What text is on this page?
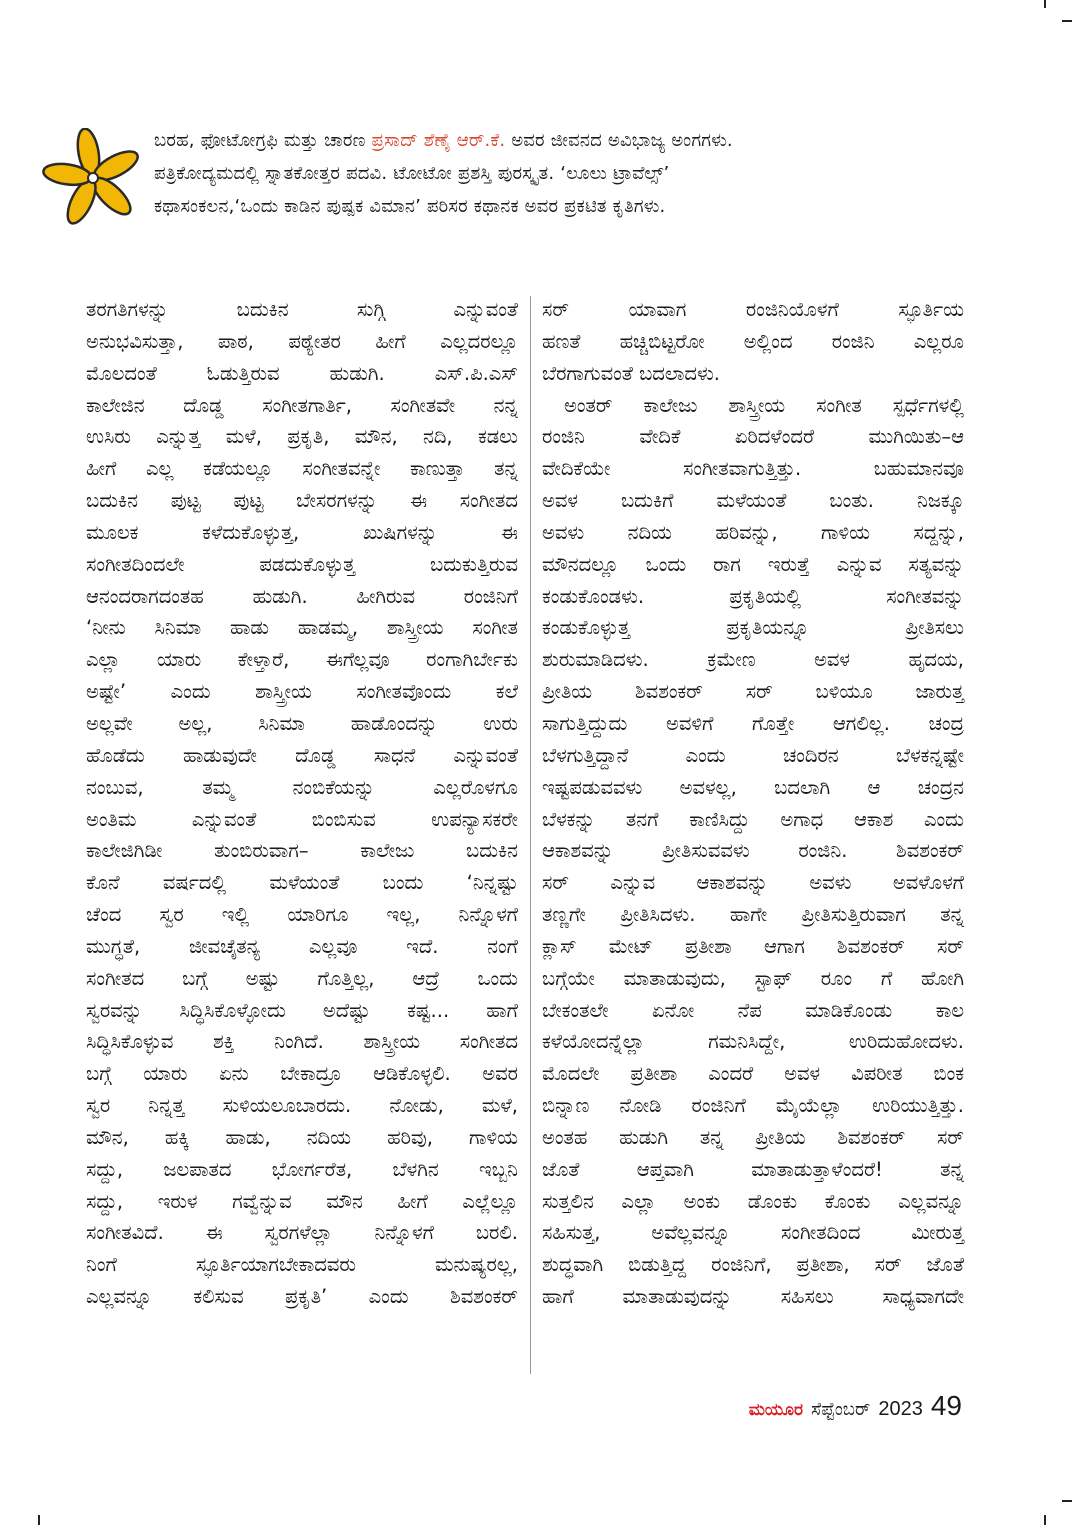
ಬರಹ, ಫೋಟೋಗ್ರಫಿ ಮತ್ತು ಚಾರಣ ಪ್ರಸಾದ್ ಶೆಣೈ ಆರ್.ಕೆ. ಅವರ ಜೀವನದ ಅವಿಭಾಜ್ಯ ಅಂಗಗಳು.
ಪತ್ರಿಕೋದ್ಯಮದಲ್ಲಿ ಸ್ನಾತಕೋತ್ತರ ಪದವಿ. ಟೋಟೋ ಪ್ರಶಸ್ತಿ ಪುರಸ್ಕೃತ. ‘ಲೂಲು ಟ್ರಾವೆಲ್ಸ್’
ಕಥಾಸಂಕಲನ,‘ಒಂದು ಕಾಡಿನ ಪುಷ್ಪಕ ವಿಮಾನ’ ಪರಿಸರ ಕಥಾನಕ ಅವರ ಪ್ರಕಟಿತ ಕೃತಿಗಳು.
ತರಗತಿಗಳನ್ನು ಬದುಕಿನ ಸುಗ್ಗಿ ಎನ್ನುವಂತೆ
ಅನುಭವಿಸುತ್ತಾ, ಪಾಠ, ಪಠ್ಯೇತರ ಹೀಗೆ ಎಲ್ಲದರಲ್ಲೂ
ಮೊಲದಂತೆ ಓಡುತ್ತಿರುವ ಹುಡುಗಿ. ಎಸ್.ಪಿ.ಎಸ್
ಕಾಲೇಜಿನ ದೊಡ್ಡ ಸಂಗೀತಗಾರ್ತಿ, ಸಂಗೀತವೇ ನನ್ನ
ಉಸಿರು ಎನ್ನುತ್ತ ಮಳೆ, ಪ್ರಕೃತಿ, ಮೌನ, ನದಿ, ಕಡಲು
ಹೀಗೆ ಎಲ್ಲ ಕಡೆಯಲ್ಲೂ ಸಂಗೀತವನ್ನೇ ಕಾಣುತ್ತಾ ತನ್ನ
ಬದುಕಿನ ಪುಟ್ಟ ಪುಟ್ಟ ಬೇಸರಗಳನ್ನು ಈ ಸಂಗೀತದ
ಮೂಲಕ ಕಳೆದುಕೊಳ್ಳುತ್ತ, ಖುಷಿಗಳನ್ನು ಈ
ಸಂಗೀತದಿಂದಲೇ ಪಡದುಕೊಳ್ಳುತ್ತ ಬದುಕುತ್ತಿರುವ
ಆನಂದರಾಗದಂತಹ ಹುಡುಗಿ. ಹೀಗಿರುವ ರಂಜಿನಿಗೆ
‘ನೀನು ಸಿನಿಮಾ ಹಾಡು ಹಾಡಮ್ಮ, ಶಾಸ್ತ್ರೀಯ ಸಂಗೀತ
ಎಲ್ಲಾ ಯಾರು ಕೇಳ್ತಾರೆ, ಈಗೆಲ್ಲವೂ ರಂಗಾಗಿರ್ಬೇಕು
ಅಷ್ಟೇ’ ಎಂದು ಶಾಸ್ತ್ರೀಯ ಸಂಗೀತವೊಂದು ಕಲೆ
ಅಲ್ಲವೇ ಅಲ್ಲ, ಸಿನಿಮಾ ಹಾಡೊಂದನ್ನು ಉರು
ಹೊಡೆದು ಹಾಡುವುದೇ ದೊಡ್ಡ ಸಾಧನೆ ಎನ್ನುವಂತೆ
ನಂಬುವ, ತಮ್ಮ ನಂಬಿಕೆಯನ್ನು ಎಲ್ಲರೊಳಗೂ
ಅಂತಿಮ ಎನ್ನುವಂತೆ ಬಿಂಬಿಸುವ ಉಪನ್ಯಾಸಕರೇ
ಕಾಲೇಜಿಗಿಡೀ ತುಂಬಿರುವಾಗ– ಕಾಲೇಜು ಬದುಕಿನ
ಕೊನೆ ವರ್ಷದಲ್ಲಿ ಮಳೆಯಂತೆ ಬಂದು ‘ನಿನ್ನಷ್ಟು
ಚೆಂದ ಸ್ವರ ಇಲ್ಲಿ ಯಾರಿಗೂ ಇಲ್ಲ, ನಿನ್ನೊಳಗೆ
ಮುಗ್ಧತೆ, ಜೀವಚೈತನ್ಯ ಎಲ್ಲವೂ ಇದೆ. ನಂಗೆ
ಸಂಗೀತದ ಬಗ್ಗೆ ಅಷ್ಟು ಗೊತ್ತಿಲ್ಲ, ಆದ್ರೆ ಒಂದು
ಸ್ವರವನ್ನು ಸಿದ್ಧಿಸಿಕೊಳ್ಳೋದು ಅದೆಷ್ಟು ಕಷ್ಟ... ಹಾಗೆ
ಸಿದ್ಧಿಸಿಕೊಳ್ಳುವ ಶಕ್ತಿ ನಿಂಗಿದೆ. ಶಾಸ್ತ್ರೀಯ ಸಂಗೀತದ
ಬಗ್ಗೆ ಯಾರು ಏನು ಬೇಕಾದ್ರೂ ಆಡಿಕೊಳ್ಳಲಿ. ಅವರ
ಸ್ವರ ನಿನ್ನತ್ತ ಸುಳಿಯಲೂಬಾರದು. ನೋಡು, ಮಳೆ,
ಮೌನ, ಹಕ್ಕಿ ಹಾಡು, ನದಿಯ ಹರಿವು, ಗಾಳಿಯ
ಸದ್ದು, ಜಲಪಾತದ ಭೋರ್ಗರೆತ, ಬೆಳಗಿನ ಇಬ್ಬನಿ
ಸದ್ದು, ಇರುಳ ಗವ್ವೆನ್ನುವ ಮೌನ ಹೀಗೆ ಎಲ್ಲೆಲ್ಲೂ
ಸಂಗೀತವಿದೆ. ಈ ಸ್ವರಗಳೆಲ್ಲಾ ನಿನ್ನೊಳಗೆ ಬರಲಿ.
ನಿಂಗೆ ಸ್ಫೂರ್ತಿಯಾಗಬೇಕಾದವರು ಮನುಷ್ಯರಲ್ಲ,
ಎಲ್ಲವನ್ನೂ ಕಲಿಸುವ ಪ್ರಕೃತಿ’ ಎಂದು ಶಿವಶಂಕರ್
ಸರ್ ಯಾವಾಗ ರಂಜಿನಿಯೊಳಗೆ ಸ್ಫೂರ್ತಿಯ
ಹಣತೆ ಹಚ್ಚಿಬಿಟ್ಟರೋ ಅಲ್ಲಿಂದ ರಂಜಿನಿ ಎಲ್ಲರೂ
ಬೆರಗಾಗುವಂತೆ ಬದಲಾದಳು.
ಅಂತರ್ ಕಾಲೇಜು ಶಾಸ್ತ್ರೀಯ ಸಂಗೀತ ಸ್ಪರ್ಧೆಗಳಲ್ಲಿ
ರಂಜಿನಿ ವೇದಿಕೆ ಏರಿದಳೆಂದರೆ ಮುಗಿಯಿತು–ಆ
ವೇದಿಕೆಯೇ ಸಂಗೀತವಾಗುತ್ತಿತ್ತು. ಬಹುಮಾನವೂ
ಅವಳ ಬದುಕಿಗೆ ಮಳೆಯಂತೆ ಬಂತು. ನಿಜಕ್ಕೂ
ಅವಳು ನದಿಯ ಹರಿವನ್ನು, ಗಾಳಿಯ ಸದ್ದನ್ನು,
ಮೌನದಲ್ಲೂ ಒಂದು ರಾಗ ಇರುತ್ತೆ ಎನ್ನುವ ಸತ್ಯವನ್ನು
ಕಂಡುಕೊಂಡಳು. ಪ್ರಕೃತಿಯಲ್ಲಿ ಸಂಗೀತವನ್ನು
ಕಂಡುಕೊಳ್ಳುತ್ತ ಪ್ರಕೃತಿಯನ್ನೂ ಪ್ರೀತಿಸಲು
ಶುರುಮಾಡಿದಳು. ಕ್ರಮೇಣ ಅವಳ ಹೃದಯ,
ಪ್ರೀತಿಯ ಶಿವಶಂಕರ್ ಸರ್ ಬಳಿಯೂ ಜಾರುತ್ತ
ಸಾಗುತ್ತಿದ್ದುದು ಅವಳಿಗೆ ಗೊತ್ತೇ ಆಗಲಿಲ್ಲ. ಚಂದ್ರ
ಬೆಳಗುತ್ತಿದ್ದಾನೆ ಎಂದು ಚಂದಿರನ ಬೆಳಕನ್ನಷ್ಟೇ
ಇಷ್ಟಪಡುವವಳು ಅವಳಲ್ಲ, ಬದಲಾಗಿ ಆ ಚಂದ್ರನ
ಬೆಳಕನ್ನು ತನಗೆ ಕಾಣಿಸಿದ್ದು ಅಗಾಧ ಆಕಾಶ ಎಂದು
ಆಕಾಶವನ್ನು ಪ್ರೀತಿಸುವವಳು ರಂಜಿನಿ. ಶಿವಶಂಕರ್
ಸರ್ ಎನ್ನುವ ಆಕಾಶವನ್ನು ಅವಳು ಅವಳೊಳಗೆ
ತಣ್ಣಗೇ ಪ್ರೀತಿಸಿದಳು. ಹಾಗೇ ಪ್ರೀತಿಸುತ್ತಿರುವಾಗ ತನ್ನ
ಕ್ಲಾಸ್ ಮೇಟ್ ಪ್ರತೀಶಾ ಆಗಾಗ ಶಿವಶಂಕರ್ ಸರ್
ಬಗ್ಗೆಯೇ ಮಾತಾಡುವುದು, ಸ್ಟಾಫ್ ರೂಂ ಗೆ ಹೋಗಿ
ಬೇಕಂತಲೇ ಏನೋ ನೆಪ ಮಾಡಿಕೊಂಡು ಕಾಲ
ಕಳೆಯೋದನ್ನೆಲ್ಲಾ ಗಮನಿಸಿದ್ದೇ, ಉರಿದುಹೋದಳು.
ಮೊದಲೇ ಪ್ರತೀಶಾ ಎಂದರೆ ಅವಳ ವಿಪರೀತ ಬಿಂಕ
ಬಿನ್ನಾಣ ನೋಡಿ ರಂಜಿನಿಗೆ ಮೈಯೆಲ್ಲಾ ಉರಿಯುತ್ತಿತ್ತು.
ಅಂತಹ ಹುಡುಗಿ ತನ್ನ ಪ್ರೀತಿಯ ಶಿವಶಂಕರ್ ಸರ್
ಜೊತೆ ಆಪ್ತವಾಗಿ ಮಾತಾಡುತ್ತಾಳೆಂದರೆ! ತನ್ನ
ಸುತ್ತಲಿನ ಎಲ್ಲಾ ಅಂಕು ಡೊಂಕು ಕೊಂಕು ಎಲ್ಲವನ್ನೂ
ಸಹಿಸುತ್ತ, ಅವೆಲ್ಲವನ್ನೂ ಸಂಗೀತದಿಂದ ಮೀರುತ್ತ
ಶುದ್ಧವಾಗಿ ಬಿಡುತ್ತಿದ್ದ ರಂಜಿನಿಗೆ, ಪ್ರತೀಶಾ, ಸರ್ ಜೊತೆ
ಹಾಗೆ ಮಾತಾಡುವುದನ್ನು ಸಹಿಸಲು ಸಾಧ್ಯವಾಗದೇ
ಮಯೂರ ಸೆಪ್ಟೆಂಬರ್ 2023 49
